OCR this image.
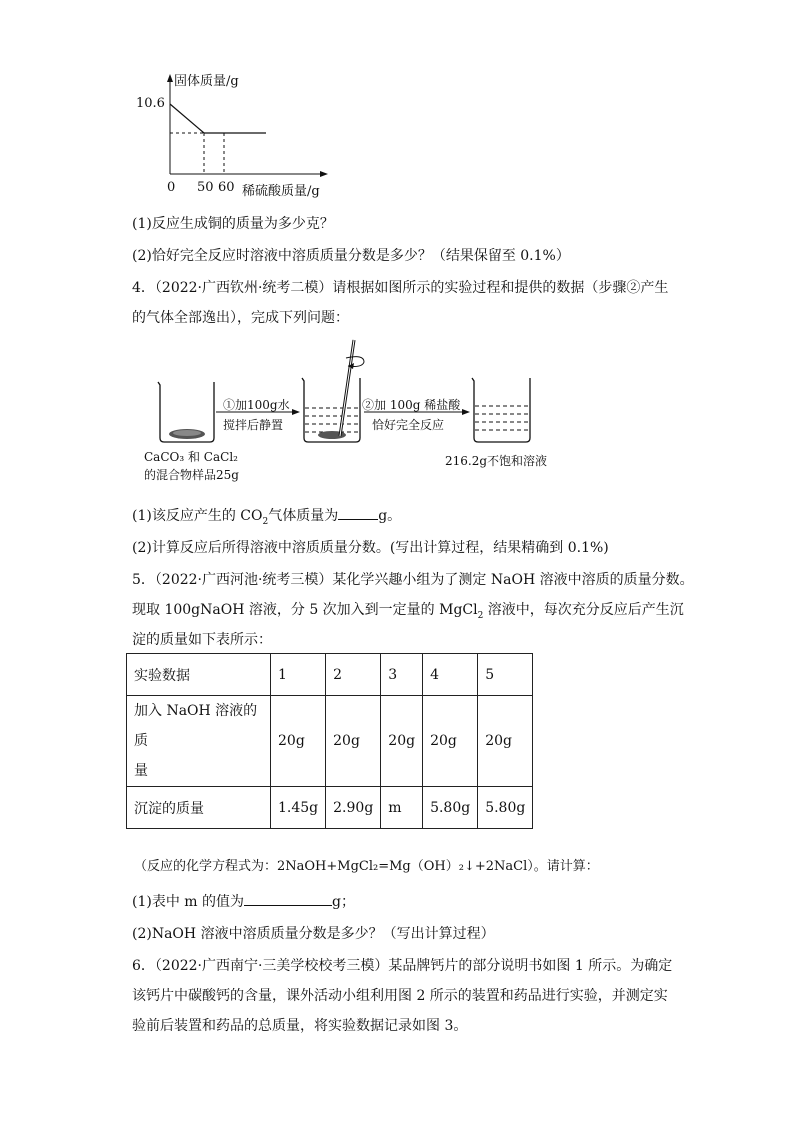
固体质量/g
10.6
0 50 60 稀硫酸质量/g
(1)反应生成铜的质量为多少克？
(2)恰好完全反应时溶液中溶质质量分数是多少？（结果保留至 0.1%）
4．（2022·广西钦州·统考二模）请根据如图所示的实验过程和提供的数据（步骤②产生
的气体全部逸出），完成下列问题：
①加100g水
搅拌后静置
②加 100g 稀盐酸
恰好完全反应
CaCO₃ 和 CaCl₂
的混合物样品25g
216.2g不饱和溶液
(1)该反应产生的 $CO_2$气体质量为	g。
(2)计算反应后所得溶液中溶质质量分数。(写出计算过程，结果精确到 0.1%)
5．（2022·广西河池·统考三模）某化学兴趣小组为了测定 NaOH 溶液中溶质的质量分数。
现取 100gNaOH 溶液，分 5 次加入到一定量的 MgCl$_2$ 溶液中，每次充分反应后产生沉
淀的质量如下表所示：
实验数据	1	2	3	4	5
加入 NaOH 溶液的质
量	20g	20g	20g	20g	20g
沉淀的质量	1.45g	2.90g	m	5.80g	5.80g
（反应的化学方程式为：2NaOH+MgCl₂=Mg（OH）₂↓+2NaCl）。请计算：
(1)表中 m 的值为	g；
(2)NaOH 溶液中溶质质量分数是多少？（写出计算过程）
6．（2022·广西南宁·三美学校校考三模）某品牌钙片的部分说明书如图 1 所示。为确定
该钙片中碳酸钙的含量，课外活动小组利用图 2 所示的装置和药品进行实验，并测定实
验前后装置和药品的总质量，将实验数据记录如图 3。
